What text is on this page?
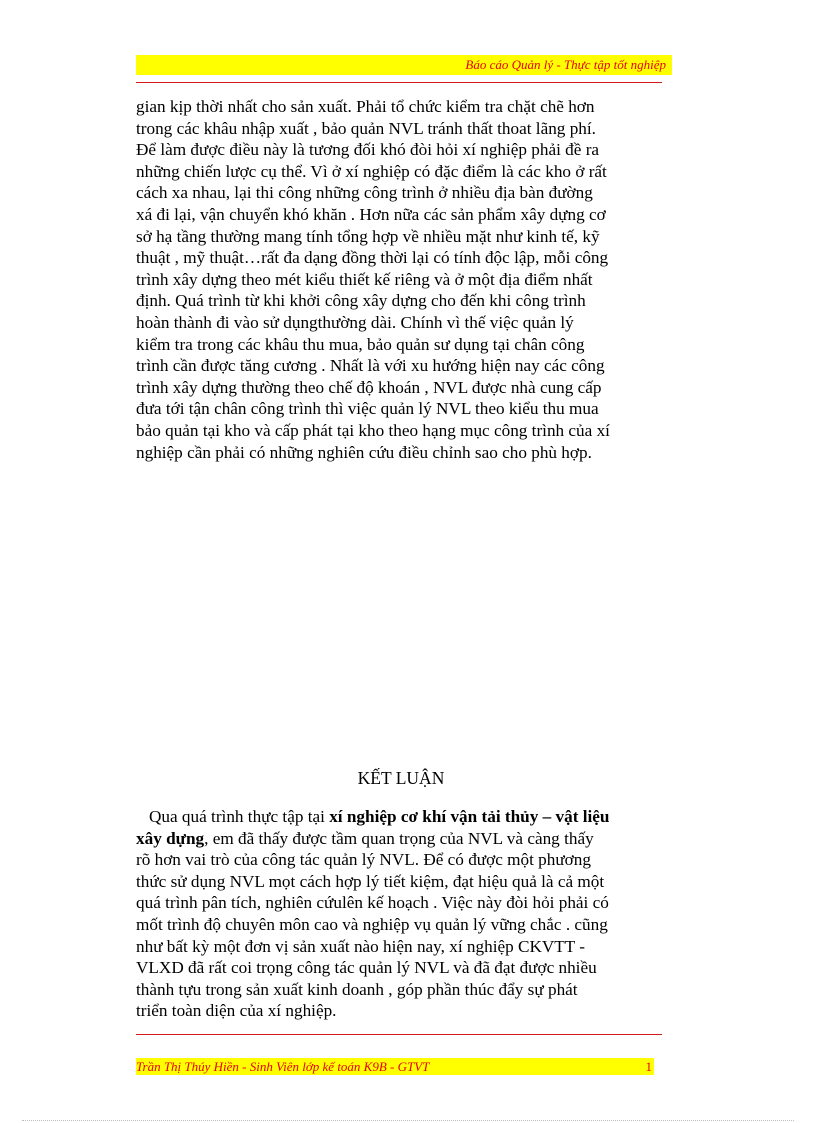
Báo cáo Quản lý - Thực tập tốt nghiệp
gian kịp thời nhất cho sản xuất. Phải tổ chức kiểm tra chặt chẽ hơn
trong các khâu nhập xuất , bảo quản NVL tránh thất thoat lãng phí.
Để làm được điều này là tương đối khó đòi hỏi xí nghiệp phải đề ra
những chiến lược cụ thể. Vì ở xí nghiệp có đặc điểm là các kho ở rất
cách xa nhau, lại thi công những công trình ở nhiều địa bàn đường
xá đi lại, vận chuyển khó khăn . Hơn nữa các sản phẩm xây dựng cơ
sở hạ tầng thường mang tính tổng hợp về nhiều mặt như kinh tế, kỹ
thuật , mỹ thuật…rất đa dạng đồng thời lại có tính độc lập, mỗi công
trình xây dựng theo mét kiểu thiết kế riêng và ở một địa điểm nhất
định. Quá trình từ khi khởi công xây dựng cho đến khi công trình
hoàn thành đi vào sử dụngthường dài. Chính vì thế việc quản lý
kiểm tra trong các khâu thu mua, bảo quản sư dụng tại chân công
trình cần được tăng cương . Nhất là với xu hướng hiện nay các công
trình xây dựng thường theo chế độ khoán , NVL được nhà cung cấp
đưa tới tận chân công trình thì việc quản lý NVL theo kiểu thu mua
bảo quản tại kho và cấp phát tại kho theo hạng mục công trình của xí
nghiệp cần phải có những nghiên cứu điều chỉnh sao cho phù hợp.
KẾT LUẬN
Qua quá trình thực tập tại xí nghiệp cơ khí vận tải thủy – vật liệu
xây dựng, em đã thấy được tầm quan trọng của NVL và càng thấy
rõ hơn vai trò của công tác quản lý NVL. Để có được một phương
thức sử dụng NVL mọt cách hợp lý tiết kiệm, đạt hiệu quả là cả một
quá trình pân tích, nghiên cứulên kế hoạch . Việc này đòi hỏi phải có
mốt trình độ chuyên môn cao và nghiệp vụ quản lý vững chắc . cũng
như bất kỳ một đơn vị sản xuất nào hiện nay, xí nghiệp CKVTT -
VLXD đã rất coi trọng công tác quản lý NVL và đã đạt được nhiều
thành tựu trong sản xuất kinh doanh , góp phần thúc đẩy sự phát
triển toàn diện của xí nghiệp.
Trần Thị Thúy Hiền - Sinh Viên lớp kế toán K9B - GTVT	1
